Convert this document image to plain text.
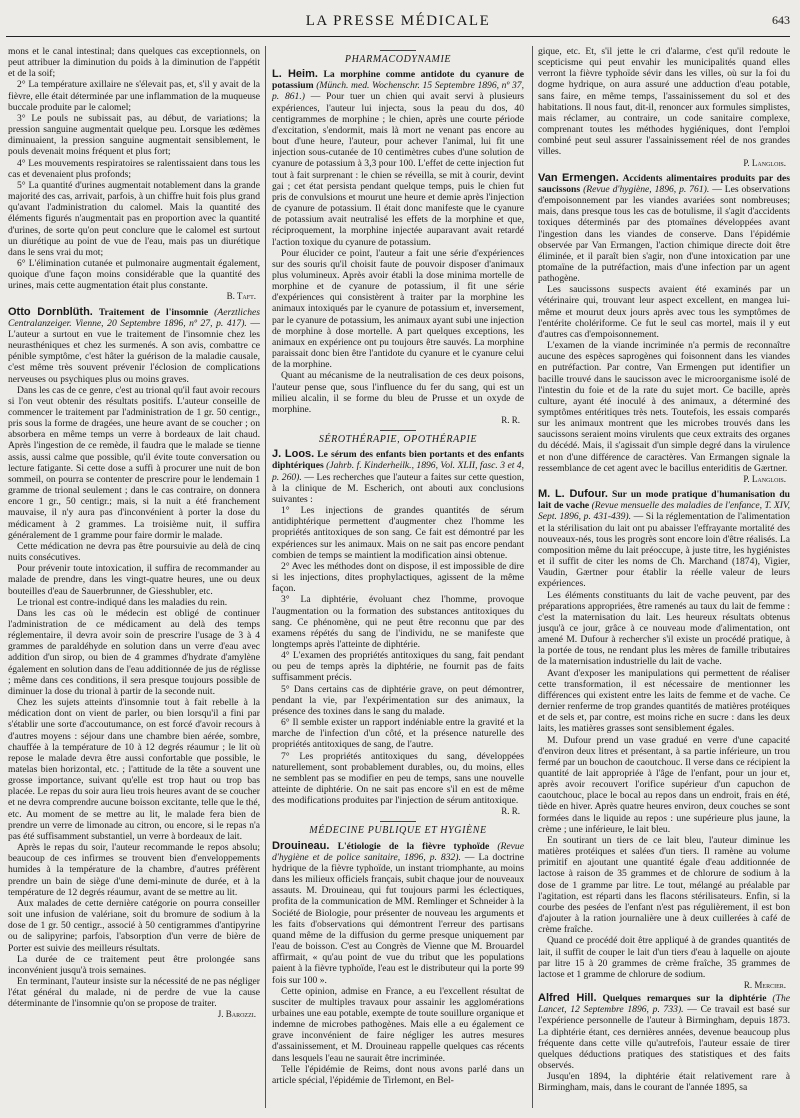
LA PRESSE MÉDICALE	643

mons et le canal intestinal; dans quelques cas exceptionnels, on peut attribuer la diminution du poids à la diminution de l'appétit et de la soif;

2° La température axillaire ne s'élevait pas, et, s'il y avait de la fièvre, elle était déterminée par une inflammation de la muqueuse buccale produite par le calomel;

3° Le pouls ne subissait pas, au début, de variations; la pression sanguine augmentait quelque peu. Lorsque les œdèmes diminuaient, la pression sanguine augmentait sensiblement, le pouls devenait moins fréquent et plus fort;

4° Les mouvements respiratoires se ralentissaient dans tous les cas et devenaient plus profonds;

5° La quantité d'urines augmentait notablement dans la grande majorité des cas, arrivait, parfois, à un chiffre huit fois plus grand qu'avant l'administration du calomel. Mais la quantité des éléments figurés n'augmentait pas en proportion avec la quantité d'urines, de sorte qu'on peut conclure que le calomel est surtout un diurétique au point de vue de l'eau, mais pas un diurétique dans le sens vrai du mot;

6° L'élimination cutanée et pulmonaire augmentait également, quoique d'une façon moins considérable que la quantité des urines, mais cette augmentation était plus constante.

B. Taft.

Otto Dornblüth. Traitement de l'insomnie (Aerztliches Centralanzeiger. Vienne, 20 Septembre 1896, nº 27, p. 417). — L'auteur a surtout en vue le traitement de l'insomnie chez les neurasthéniques et chez les surmenés. A son avis, combattre ce pénible symptôme, c'est hâter la guérison de la maladie causale, c'est même très souvent prévenir l'éclosion de complications nerveuses ou psychiques plus ou moins graves.

Dans les cas de ce genre, c'est au trional qu'il faut avoir recours si l'on veut obtenir des résultats positifs. L'auteur conseille de commencer le traitement par l'administration de 1 gr. 50 centigr., pris sous la forme de dragées, une heure avant de se coucher ; on absorbera en même temps un verre à bordeaux de lait chaud. Après l'ingestion de ce remède, il faudra que le malade se tienne assis, aussi calme que possible, qu'il évite toute conversation ou lecture fatigante. Si cette dose a suffi à procurer une nuit de bon sommeil, on pourra se contenter de prescrire pour le lendemain 1 gramme de trional seulement ; dans le cas contraire, on donnera encore 1 gr., 50 centigr.; mais, si la nuit a été franchement mauvaise, il n'y aura pas d'inconvénient à porter la dose du médicament à 2 grammes. La troisième nuit, il suffira généralement de 1 gramme pour faire dormir le malade.

Cette médication ne devra pas être poursuivie au delà de cinq nuits consécutives.

Pour prévenir toute intoxication, il suffira de recommander au malade de prendre, dans les vingt-quatre heures, une ou deux bouteilles d'eau de Sauerbrunner, de Giesshubler, etc.

Le trional est contre-indiqué dans les maladies du rein.

Dans les cas où le médecin est obligé de continuer l'administration de ce médicament au delà des temps réglementaire, il devra avoir soin de prescrire l'usage de 3 à 4 grammes de paraldéhyde en solution dans un verre d'eau avec addition d'un sirop, ou bien de 4 grammes d'hydrate d'amylène également en solution dans de l'eau additionnée de jus de réglisse ; même dans ces conditions, il sera presque toujours possible de diminuer la dose du trional à partir de la seconde nuit.

Chez les sujets atteints d'insomnie tout à fait rebelle à la médication dont on vient de parler, ou bien lorsqu'il a fini par s'établir une sorte d'accoutumance, on est forcé d'avoir recours à d'autres moyens : séjour dans une chambre bien aérée, sombre, chauffée à la température de 10 à 12 degrés réaumur ; le lit où repose le malade devra être aussi confortable que possible, le matelas bien horizontal, etc. ; l'attitude de la tête a souvent une grosse importance, suivant qu'elle est trop haut ou trop bas placée. Le repas du soir aura lieu trois heures avant de se coucher et ne devra comprendre aucune boisson excitante, telle que le thé, etc. Au moment de se mettre au lit, le malade fera bien de prendre un verre de limonade au citron, ou encore, si le repas n'a pas été suffisamment substantiel, un verre à bordeaux de lait.

Après le repas du soir, l'auteur recommande le repos absolu; beaucoup de ces infirmes se trouvent bien d'enveloppements humides à la température de la chambre, d'autres préfèrent prendre un bain de siège d'une demi-minute de durée, et à la température de 12 degrés réaumur, avant de se mettre au lit.

Aux malades de cette dernière catégorie on pourra conseiller soit une infusion de valériane, soit du bromure de sodium à la dose de 1 gr. 50 centigr., associé à 50 centigrammes d'antipyrine ou de salipyrine; parfois, l'absorption d'un verre de bière de Porter est suivie des meilleurs résultats.

La durée de ce traitement peut être prolongée sans inconvénient jusqu'à trois semaines.

En terminant, l'auteur insiste sur la nécessité de ne pas négliger l'état général du malade, ni de perdre de vue la cause déterminante de l'insomnie qu'on se propose de traiter.

J. Barozzi.
PHARMACODYNAMIE

L. Heim. La morphine comme antidote du cyanure de potassium (Münch. med. Wochenschr. 15 Septembre 1896, nº 37, p. 861.) — Pour tuer un chien qui avait servi à plusieurs expériences, l'auteur lui injecta, sous la peau du dos, 40 centigrammes de morphine ; le chien, après une courte période d'excitation, s'endormit, mais là mort ne venant pas encore au bout d'une heure, l'auteur, pour achever l'animal, lui fit une injection sous-cutanée de 10 centimètres cubes d'une solution de cyanure de potassium à 3,3 pour 100. L'effet de cette injection fut tout à fait surprenant : le chien se réveilla, se mit à courir, devint gai ; cet état persista pendant quelque temps, puis le chien fut pris de convulsions et mourut une heure et demie après l'injection de cyanure de potassium. Il était donc manifeste que le cyanure de potassium avait neutralisé les effets de la morphine et que, réciproquement, la morphine injectée auparavant avait retardé l'action toxique du cyanure de potassium.

Pour élucider ce point, l'auteur a fait une série d'expériences sur des souris qu'il choisit faute de pouvoir disposer d'animaux plus volumineux. Après avoir établi la dose minima mortelle de morphine et de cyanure de potassium, il fit une série d'expériences qui consistèrent à traiter par la morphine les animaux intoxiqués par le cyanure de potassium et, inversement, par le cyanure de potassium, les animaux ayant subi une injection de morphine à dose mortelle. A part quelques exceptions, les animaux en expérience ont pu toujours être sauvés. La morphine paraissait donc bien être l'antidote du cyanure et le cyanure celui de la morphine.

Quant au mécanisme de la neutralisation de ces deux poisons, l'auteur pense que, sous l'influence du fer du sang, qui est un milieu alcalin, il se forme du bleu de Prusse et un oxyde de morphine.

R. R.
SÉROTHÉRAPIE, OPOTHÉRAPIE

J. Loos. Le sérum des enfants bien portants et des enfants diphtériques (Jahrb. f. Kinderheilk., 1896, Vol. XLII, fasc. 3 et 4, p. 260). — Les recherches que l'auteur a faites sur cette question, à la clinique de M. Escherich, ont abouti aux conclusions suivantes :

1° Les injections de grandes quantités de sérum antidiphtérique permettent d'augmenter chez l'homme les propriétés antitoxiques de son sang. Ce fait est démontré par les expériences sur les animaux. Mais on ne sait pas encore pendant combien de temps se maintient la modification ainsi obtenue.

2° Avec les méthodes dont on dispose, il est impossible de dire si les injections, dites prophylactiques, agissent de la même façon.

3° La diphtérie, évoluant chez l'homme, provoque l'augmentation ou la formation des substances antitoxiques du sang. Ce phénomène, qui ne peut être reconnu que par des examens répétés du sang de l'individu, ne se manifeste que longtemps après l'atteinte de diphtérie.

4° L'examen des propriétés antitoxiques du sang, fait pendant ou peu de temps après la diphtérie, ne fournit pas de faits suffisamment précis.

5° Dans certains cas de diphtérie grave, on peut démontrer, pendant la vie, par l'expérimentation sur des animaux, la présence des toxines dans le sang du malade.

6° Il semble exister un rapport indéniable entre la gravité et la marche de l'infection d'un côté, et la présence naturelle des propriétés antitoxiques de sang, de l'autre.

7° Les propriétés antitoxiques du sang, développées naturellement, sont probablement durables, ou, du moins, elles ne semblent pas se modifier en peu de temps, sans une nouvelle atteinte de diphtérie. On ne sait pas encore s'il en est de même des modifications produites par l'injection de sérum antitoxique.

R. R.
MÉDECINE PUBLIQUE ET HYGIÈNE

Drouineau. L'étiologie de la fièvre typhoïde (Revue d'hygiène et de police sanitaire, 1896, p. 832). — La doctrine hydrique de la fièvre typhoïde, un instant triomphante, au moins dans les milieux officiels français, subit chaque jour de nouveaux assauts. M. Drouineau, qui fut toujours parmi les éclectiques, profita de la communication de MM. Remlinger et Schneider à la Société de Biologie, pour présenter de nouveau les arguments et les faits d'observations qui démontrent l'erreur des partisans quand même de la diffusion du germe presque uniquement par l'eau de boisson. C'est au Congrès de Vienne que M. Brouardel affirmait, « qu'au point de vue du tribut que les populations paient à la fièvre typhoïde, l'eau est le distributeur qui la porte 99 fois sur 100 ».

Cette opinion, admise en France, a eu l'excellent résultat de susciter de multiples travaux pour assainir les agglomérations urbaines une eau potable, exempte de toute souillure organique et indemne de microbes pathogènes. Mais elle a eu également ce grave inconvénient de faire négliger les autres mesures d'assainissement, et M. Drouineau rappelle quelques cas récents dans lesquels l'eau ne saurait être incriminée.

Telle l'épidémie de Reims, dont nous avons parlé dans un article spécial, l'épidémie de Tirlemont, en Bel-

gique, etc. Et, s'il jette le cri d'alarme, c'est qu'il redoute le scepticisme qui peut envahir les municipalités quand elles verront la fièvre typhoïde sévir dans les villes, où sur la foi du dogme hydrique, on aura assuré une adduction d'eau potable, sans faire, en même temps, l'assainissement du sol et des habitations. Il nous faut, dit-il, renoncer aux formules simplistes, mais réclamer, au contraire, un code sanitaire complexe, comprenant toutes les méthodes hygiéniques, dont l'emploi combiné peut seul assurer l'assainissement réel de nos grandes villes.

P. Langlois.

Van Ermengen. Accidents alimentaires produits par des saucissons (Revue d'hygiène, 1896, p. 761). — Les observations d'empoisonnement par les viandes avariées sont nombreuses; mais, dans presque tous les cas de botulisme, il s'agit d'accidents toxiques déterminés par des ptomaïnes développées avant l'ingestion dans les viandes de conserve. Dans l'épidémie observée par Van Ermangen, l'action chimique directe doit être éliminée, et il paraît bien s'agir, non d'une intoxication par une ptomaïne de la putréfaction, mais d'une infection par un agent pathogène.

Les saucissons suspects avaient été examinés par un vétérinaire qui, trouvant leur aspect excellent, en mangea lui-même et mourut deux jours après avec tous les symptômes de l'entérite cholériforme. Ce fut le seul cas mortel, mais il y eut d'autres cas d'empoisonnement.

L'examen de la viande incriminée n'a permis de reconnaître aucune des espèces saprogènes qui foisonnent dans les viandes en putréfaction. Par contre, Van Ermengen put identifier un bacille trouvé dans le saucisson avec le microorganisme isolé de l'intestin du foie et de la rate du sujet mort. Ce bacille, après culture, ayant été inoculé à des animaux, a déterminé des symptômes entéritiques très nets. Toutefois, les essais comparés sur les animaux montrent que les microbes trouvés dans les saucissons seraient moins virulents que ceux extraits des organes du décédé. Mais, il s'agissait d'un simple degré dans la virulence et non d'une différence de caractères. Van Ermangen signale la ressemblance de cet agent avec le bacillus enteriditis de Gærtner.

P. Langlois.

M. L. Dufour. Sur un mode pratique d'humanisation du lait de vache (Revue mensuelle des maladies de l'enfance, T. XIV, Sept. 1896, p. 431-439). — Si la réglementation de l'alimentation et la stérilisation du lait ont pu abaisser l'effrayante mortalité des nouveaux-nés, tous les progrès sont encore loin d'être réalisés. La composition même du lait préoccupe, à juste titre, les hygiénistes et il suffit de citer les noms de Ch. Marchand (1874), Vigier, Vaudin, Gærtner pour établir la réelle valeur de leurs expériences.

Les éléments constituants du lait de vache peuvent, par des préparations appropriées, être ramenés au taux du lait de femme : c'est la maternisation du lait. Les heureux résultats obtenus jusqu'à ce jour, grâce à ce nouveau mode d'alimentation, ont amené M. Dufour à rechercher s'il existe un procédé pratique, à la portée de tous, ne rendant plus les mères de famille tributaires de la maternisation industrielle du lait de vache.

Avant d'exposer les manipulations qui permettent de réaliser cette transformation, il est nécessaire de mentionner les différences qui existent entre les laits de femme et de vache. Ce dernier renferme de trop grandes quantités de matières protéiques et de sels et, par contre, est moins riche en sucre : dans les deux laits, les matières grasses sont sensiblement égales.

M. Dufour prend un vase gradué en verre d'une capacité d'environ deux litres et présentant, à sa partie inférieure, un trou fermé par un bouchon de caoutchouc. Il verse dans ce récipient la quantité de lait appropriée à l'âge de l'enfant, pour un jour et, après avoir recouvert l'orifice supérieur d'un capuchon de caoutchouc, place le bocal au repos dans un endroit, frais en été, tiède en hiver. Après quatre heures environ, deux couches se sont formées dans le liquide au repos : une supérieure plus jaune, la crème ; une inférieure, le lait bleu.

En soutirant un tiers de ce lait bleu, l'auteur diminue les matières protéiques et salées d'un tiers. Il ramène au volume primitif en ajoutant une quantité égale d'eau additionnée de lactose à raison de 35 grammes et de chlorure de sodium à la dose de 1 gramme par litre. Le tout, mélangé au préalable par l'agitation, est réparti dans les flacons stérilisateurs. Enfin, si la courbe des pesées de l'enfant n'est pas régulièrement, il est bon d'ajouter à la ration journalière une à deux cuillerées à café de crème fraîche.

Quand ce procédé doit être appliqué à de grandes quantités de lait, il suffit de couper le lait d'un tiers d'eau à laquelle on ajoute par litre 15 à 20 grammes de crème fraîche, 35 grammes de lactose et 1 gramme de chlorure de sodium.

R. Mercier.

Alfred Hill. Quelques remarques sur la diphtérie (The Lancet, 12 Septembre 1896, p. 733). — Ce travail est basé sur l'expérience personnelle de l'auteur à Birmingham, depuis 1873. La diphtérie étant, ces dernières années, devenue beaucoup plus fréquente dans cette ville qu'autrefois, l'auteur essaie de tirer quelques déductions pratiques des statistiques et des faits observés.

Jusqu'en 1894, la diphtérie était relativement rare à Birmingham, mais, dans le courant de l'année 1895, sa
